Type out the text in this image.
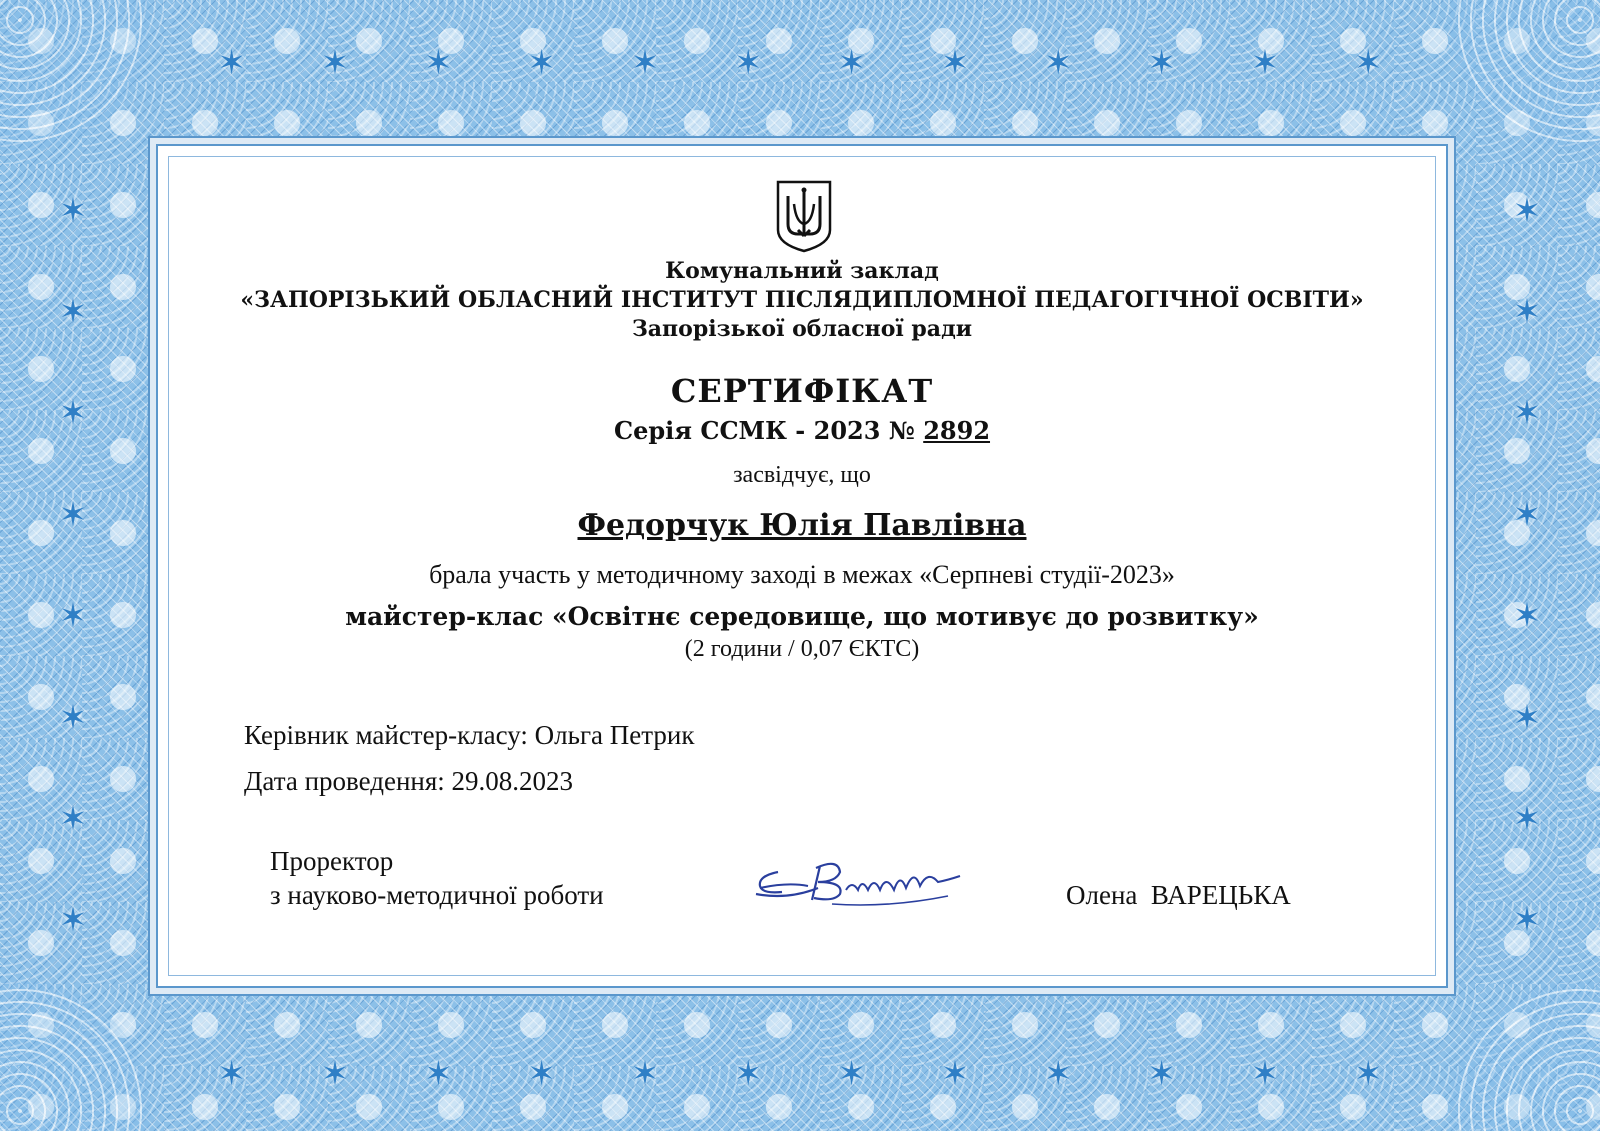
✶ ✶ ✶ ✶ ✶ ✶ ✶ ✶ ✶ ✶ ✶ ✶
✶ ✶ ✶ ✶ ✶ ✶ ✶ ✶ ✶ ✶ ✶ ✶
✶
✶
✶
✶
✶
✶
✶
✶
✶
✶
✶
✶
✶
✶
✶
✶
Комунальний заклад
«ЗАПОРІЗЬКИЙ ОБЛАСНИЙ ІНСТИТУТ ПІСЛЯДИПЛОМНОЇ ПЕДАГОГІЧНОЇ ОСВІТИ»
Запорізької обласної ради
СЕРТИФІКАТ
Серія ССМК - 2023 № 2892
засвідчує, що
Федорчук Юлія Павлівна
брала участь у методичному заході в межах «Серпневі студії-2023»
майстер-клас «Освітнє середовище, що мотивує до розвитку»
(2 години / 0,07 ЄКТС)
Керівник майстер-класу: Ольга Петрик
Дата проведення: 29.08.2023
Проректор
з науково-методичної роботи	Олена  ВАРЕЦЬКА
